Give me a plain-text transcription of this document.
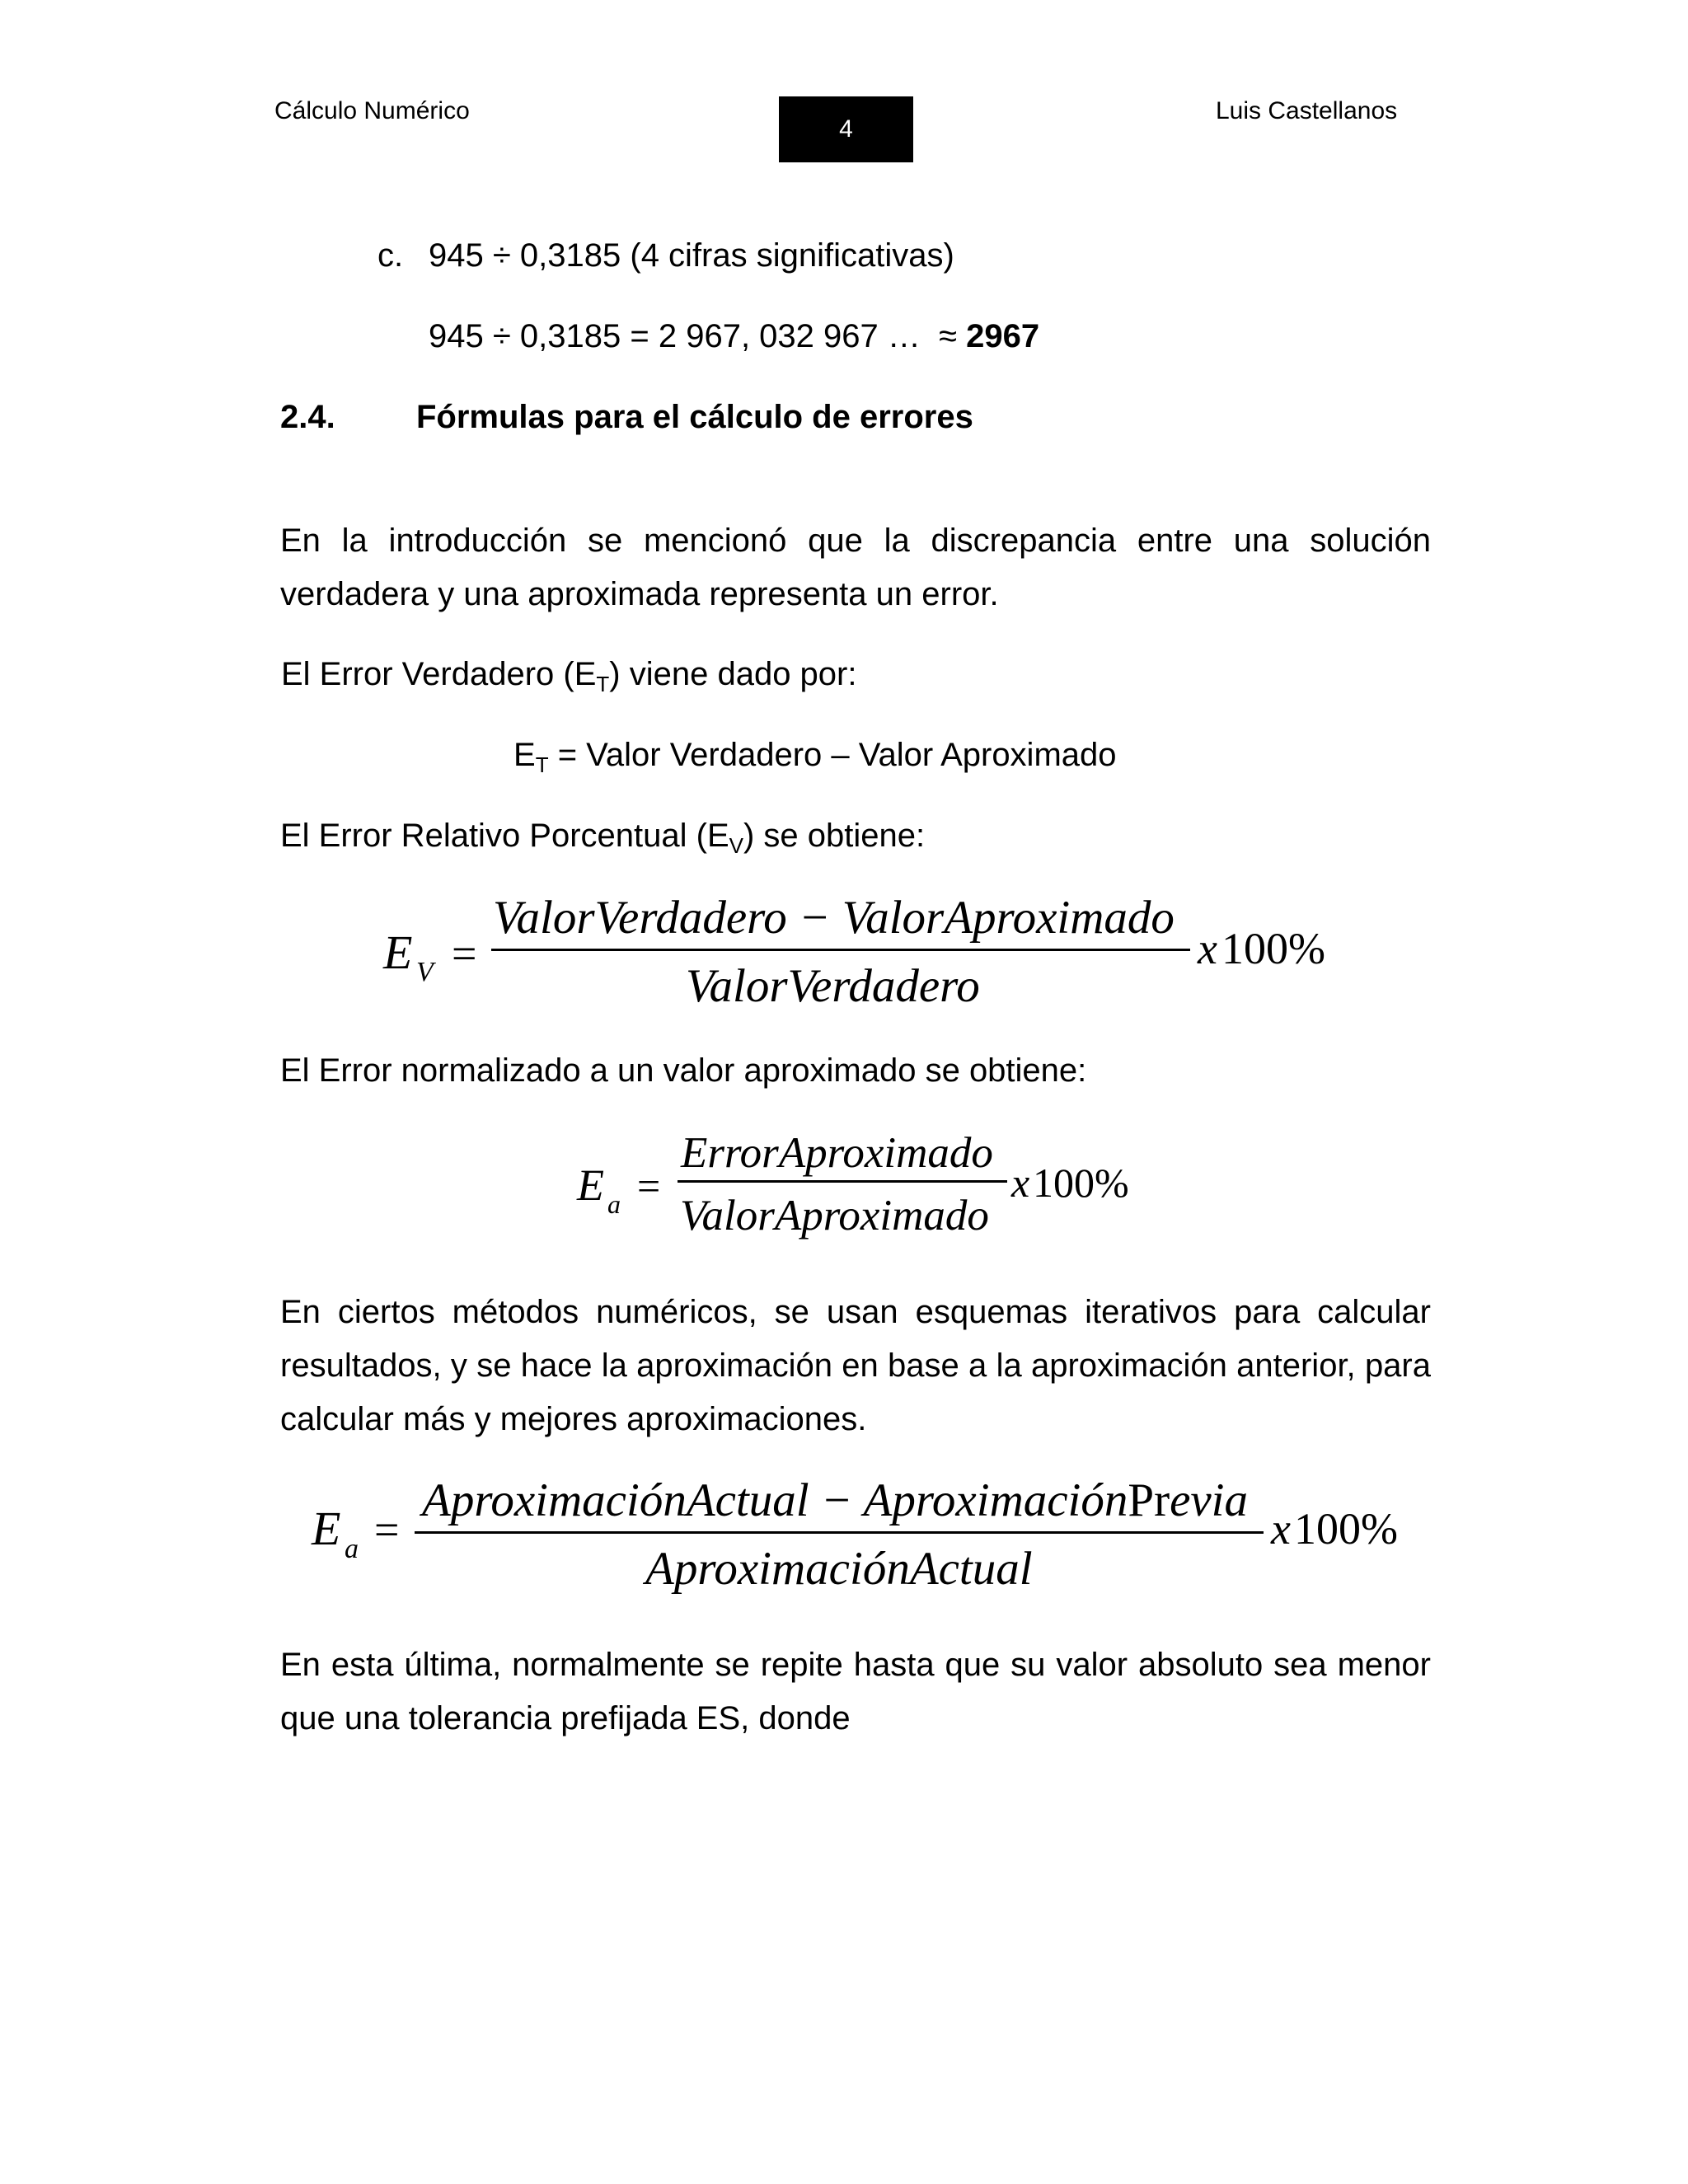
Cálculo Numérico
4
Luis Castellanos
c. 945 ÷ 0,3185 (4 cifras significativas)
945 ÷ 0,3185 = 2 967, 032 967 …  ≈ 2967
2.4. Fórmulas para el cálculo de errores
En la introducción se mencionó que la discrepancia entre una solución verdadera y una aproximada representa un error.
El Error Verdadero $(E_T)$ viene dado por:
$E_T$ = Valor Verdadero – Valor Aproximado
El Error Relativo Porcentual $(E_V)$ se obtiene:
E V =
ValorVerdadero − ValorAproximado
ValorVerdadero
x 100%
El Error normalizado a un valor aproximado se obtiene:
E a =
ErrorAproximado
ValorAproximado
x 100%
En ciertos métodos numéricos, se usan esquemas iterativos para calcular resultados, y se hace la aproximación en base a la aproximación anterior, para calcular más y mejores aproximaciones.
E a =
AproximaciónActual − AproximaciónPrevia
AproximaciónActual
x 100%
En esta última, normalmente se repite hasta que su valor absoluto sea menor que una tolerancia prefijada ES, donde
